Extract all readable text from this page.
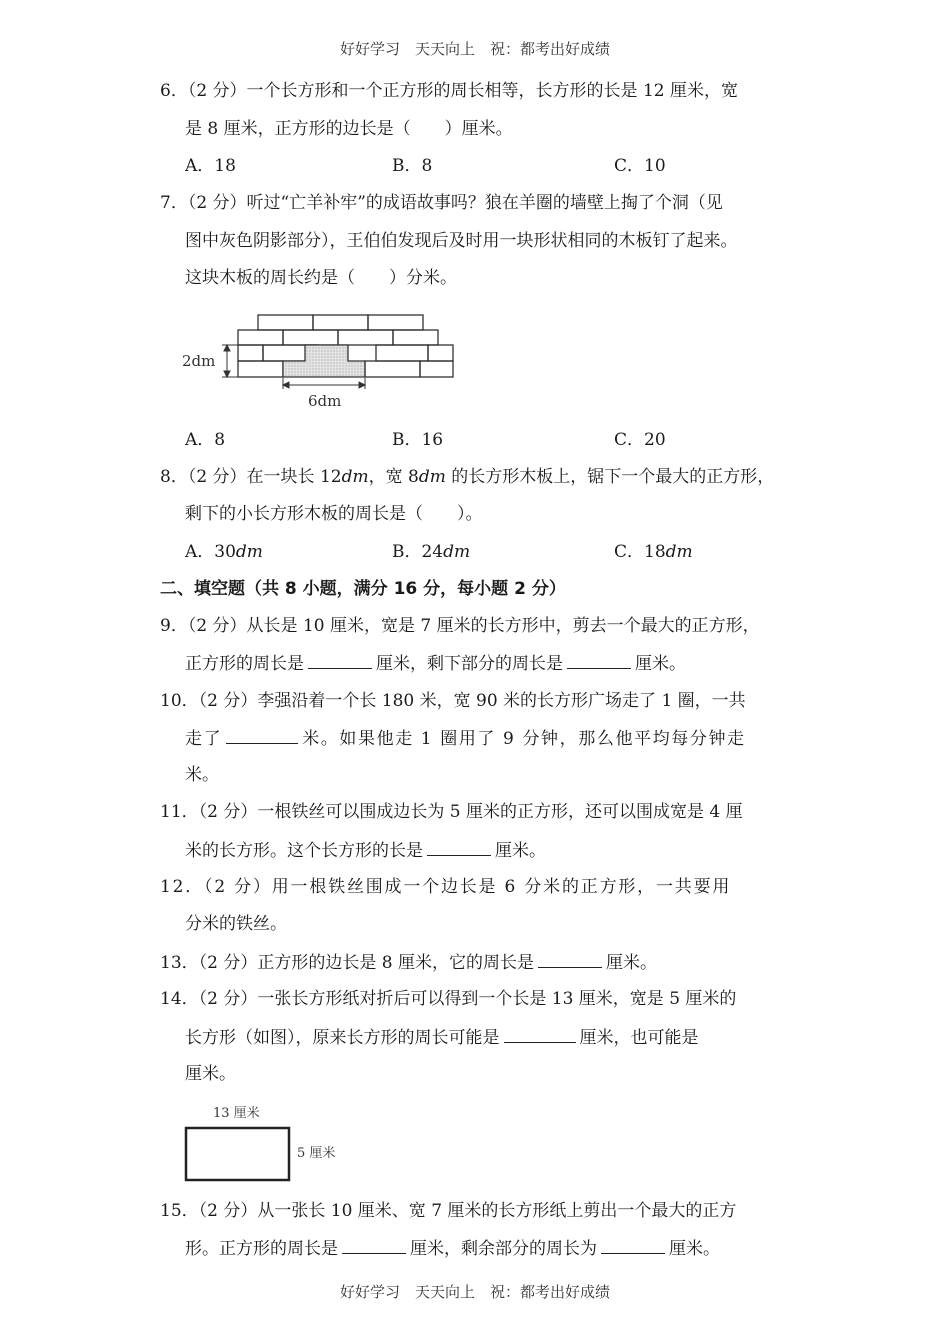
好好学习　天天向上　祝：都考出好成绩
6．（2 分）一个长方形和一个正方形的周长相等，长方形的长是 12 厘米，宽
是 8 厘米，正方形的边长是（　　）厘米。
A．18	B．8	C．10
7．（2 分）听过“亡羊补牢”的成语故事吗？狼在羊圈的墙壁上掏了个洞（见
图中灰色阴影部分），王伯伯发现后及时用一块形状相同的木板钉了起来。
这块木板的周长约是（　　）分米。
2dm
6dm
A．8	B．16	C．20
8．（2 分）在一块长 12dm，宽 8dm 的长方形木板上，锯下一个最大的正方形，
剩下的小长方形木板的周长是（　　）。
A．30dm	B．24dm	C．18dm
二、填空题（共 8 小题，满分 16 分，每小题 2 分）
9．（2 分）从长是 10 厘米，宽是 7 厘米的长方形中，剪去一个最大的正方形，
正方形的周长是	厘米，剩下部分的周长是	厘米。
10．（2 分）李强沿着一个长 180 米，宽 90 米的长方形广场走了 1 圈，一共
走了	米。如果他走 1 圈用了 9 分钟，那么他平均每分钟走
米。
11．（2 分）一根铁丝可以围成边长为 5 厘米的正方形，还可以围成宽是 4 厘
米的长方形。这个长方形的长是	厘米。
12．（2 分）用一根铁丝围成一个边长是 6 分米的正方形，一共要用
分米的铁丝。
13．（2 分）正方形的边长是 8 厘米，它的周长是	厘米。
14．（2 分）一张长方形纸对折后可以得到一个长是 13 厘米，宽是 5 厘米的
长方形（如图），原来长方形的周长可能是	厘米，也可能是
厘米。
13 厘米
5 厘米
15．（2 分）从一张长 10 厘米、宽 7 厘米的长方形纸上剪出一个最大的正方
形。正方形的周长是	厘米，剩余部分的周长为	厘米。
好好学习　天天向上　祝：都考出好成绩
